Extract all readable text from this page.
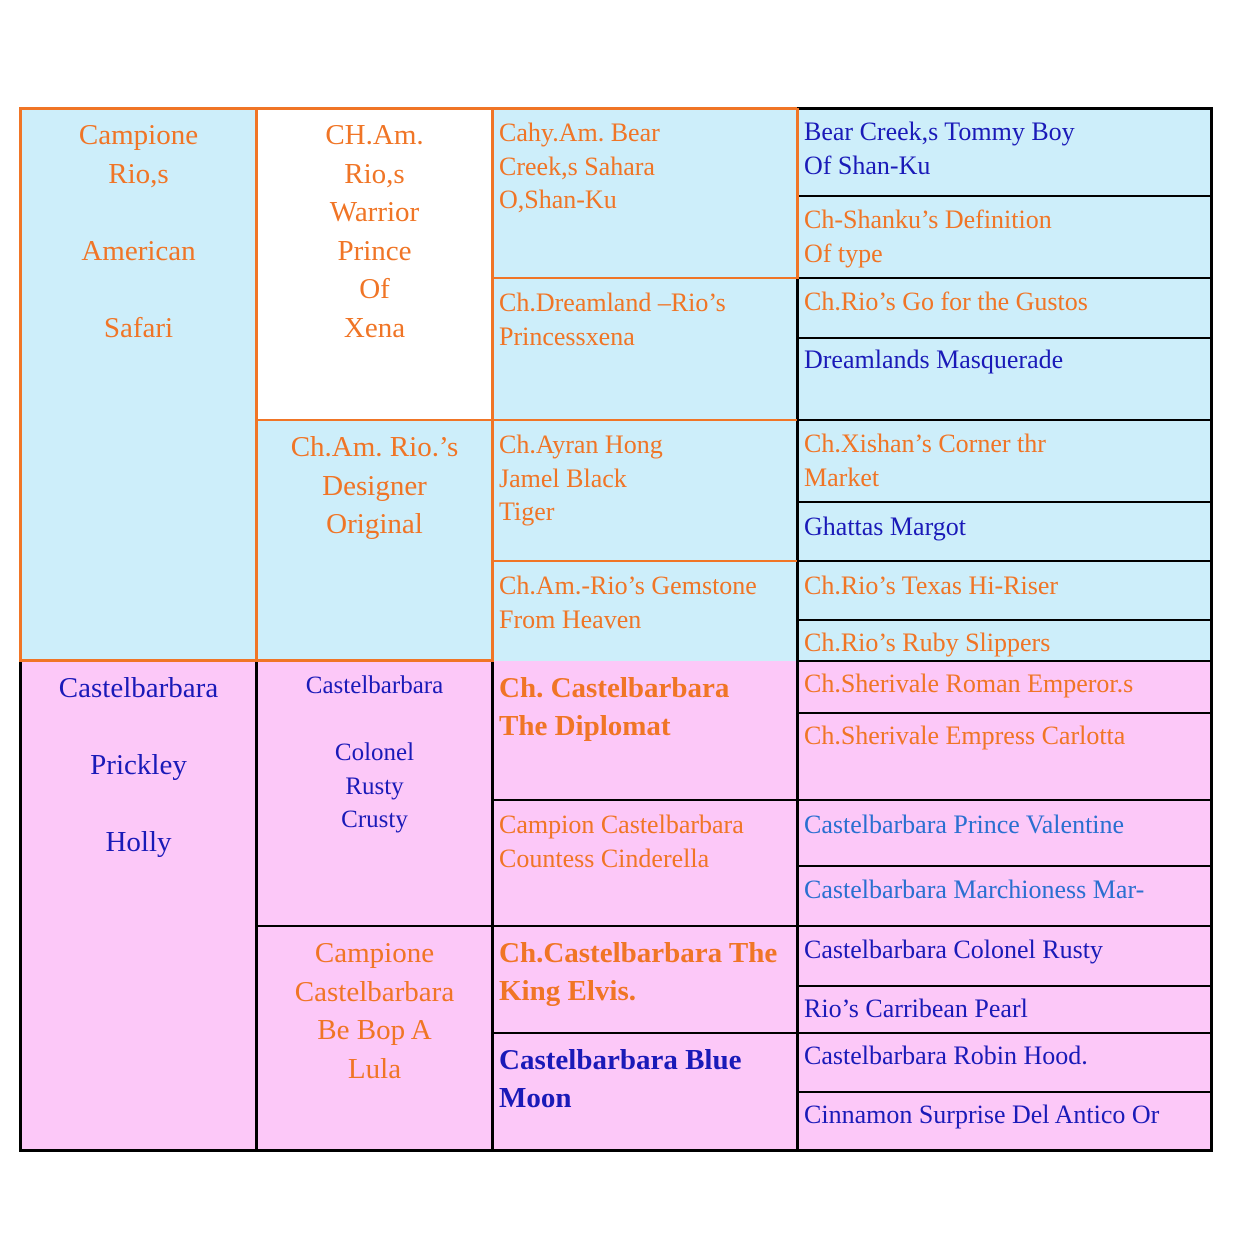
Campione
Rio,s

American

Safari
Castelbarbara

Prickley

Holly
CH.Am.
Rio,s
Warrior
Prince
Of
Xena
Ch.Am. Rio.’s
Designer
Original
Castelbarbara

Colonel
Rusty
Crusty
Campione
Castelbarbara
Be Bop A
Lula
Cahy.Am. Bear
Creek,s Sahara
O,Shan-Ku
Ch.Dreamland –Rio’s
Princessxena
Ch.Ayran Hong
Jamel Black
Tiger
Ch.Am.-Rio’s Gemstone
From Heaven
Ch. Castelbarbara
The Diplomat
Campion Castelbarbara
Countess Cinderella
Ch.Castelbarbara The
King Elvis.
Castelbarbara Blue
Moon
Bear Creek,s Tommy Boy
Of Shan-Ku
Ch-Shanku’s Definition
Of type
Ch.Rio’s Go for the Gustos
Dreamlands Masquerade
Ch.Xishan’s Corner thr
Market
Ghattas Margot
Ch.Rio’s Texas Hi-Riser
Ch.Rio’s Ruby Slippers
Ch.Sherivale Roman Emperor.s
Ch.Sherivale Empress Carlotta
Castelbarbara Prince Valentine
Castelbarbara Marchioness Mar-
Castelbarbara Colonel Rusty
Rio’s Carribean Pearl
Castelbarbara Robin Hood.
Cinnamon Surprise Del Antico Or
